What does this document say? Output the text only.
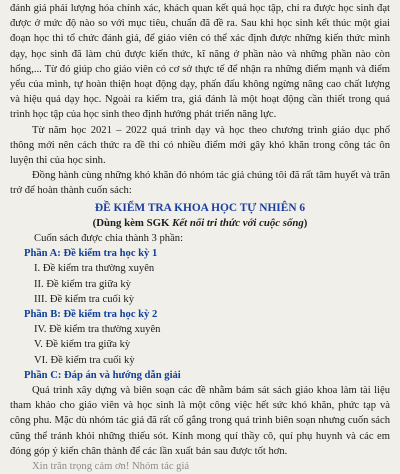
đánh giá phải lượng hóa chính xác, khách quan kết quả học tập, chỉ ra được học sinh đạt được ở mức độ nào so với mục tiêu, chuẩn đã đề ra. Sau khi học sinh kết thúc một giai đoạn học thì tổ chức đánh giá, để giáo viên có thể xác định được những kiến thức mình dạy, học sinh đã làm chủ được kiến thức, kĩ năng ở phần nào và những phần nào còn hổng,... Từ đó giúp cho giáo viên có cơ sở thực tế để nhận ra những điểm mạnh và điểm yếu của mình, tự hoàn thiện hoạt động dạy, phấn đấu không ngừng nâng cao chất lượng và hiệu quả dạy học. Ngoài ra kiểm tra, giá đánh là một hoạt động cần thiết trong quá trình học tập của học sinh theo định hướng phát triển năng lực.

Từ năm học 2021 – 2022 quá trình dạy và học theo chương trình giáo dục phổ thông mới nên cách thức ra đề thi có nhiều điểm mới gây khó khăn trong công tác ôn luyện thi của học sinh.

Đồng hành cùng những khó khăn đó nhóm tác giả chúng tôi đã rất tâm huyết và trăn trở để hoàn thành cuốn sách:

ĐỀ KIỂM TRA KHOA HỌC TỰ NHIÊN 6
(Dùng kèm SGK Kết nối tri thức với cuộc sống)

Cuốn sách được chia thành 3 phần:

Phần A: Đề kiểm tra học kỳ 1
I. Đề kiểm tra thường xuyên
II. Đề kiểm tra giữa kỳ
III. Đề kiểm tra cuối kỳ
Phần B: Đề kiểm tra học kỳ 2
IV. Đề kiểm tra thường xuyên
V. Đề kiểm tra giữa kỳ
VI. Đề kiểm tra cuối kỳ
Phần C: Đáp án và hướng dẫn giải

Quá trình xây dựng và biên soạn các đề nhằm bám sát sách giáo khoa làm tài liệu tham khảo cho giáo viên và học sinh là một công việc hết sức khó khăn, phức tạp và công phu. Mặc dù nhóm tác giả đã rất cố gắng trong quá trình biên soạn nhưng cuốn sách cũng thể tránh khỏi những thiếu sót. Kính mong quí thầy cô, quí phụ huynh và các em đóng góp ý kiến chân thành để các lần xuất bản sau được tốt hơn.

Xin trân trọng cảm ơn! Nhóm tác giả
